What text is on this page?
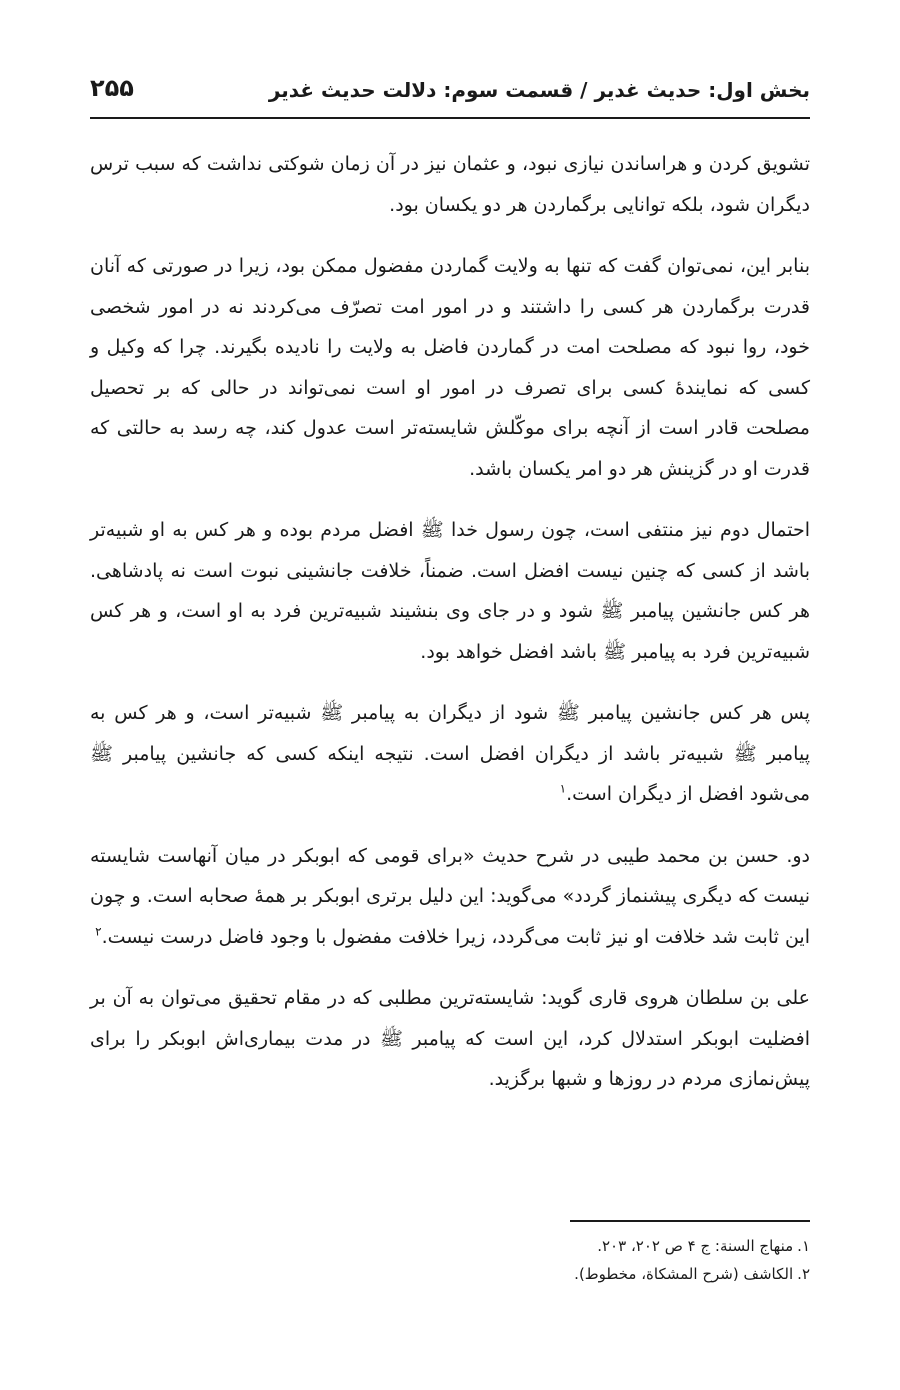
بخش اول: حدیث غدیر / قسمت سوم: دلالت حدیث غدیر
۲۵۵

تشویق کردن و هراساندن نیازی نبود، و عثمان نیز در آن زمان شوکتی نداشت که سبب ترس دیگران شود، بلکه توانایی برگماردن هر دو یکسان بود.

بنابر این، نمی‌توان گفت که تنها به ولایت گماردن مفضول ممکن بود، زیرا در صورتی که آنان قدرت برگماردن هر کسی را داشتند و در امور امت تصرّف می‌کردند نه در امور شخصی خود، روا نبود که مصلحت امت در گماردن فاضل به ولایت را نادیده بگیرند. چرا که وکیل و کسی که نمایندهٔ کسی برای تصرف در امور او است نمی‌تواند در حالی که بر تحصیل مصلحت قادر است از آنچه برای موکّلش شایسته‌تر است عدول کند، چه رسد به حالتی که قدرت او در گزینش هر دو امر یکسان باشد.

احتمال دوم نیز منتفی است، چون رسول خدا ﷺ افضل مردم بوده و هر کس به او شبیه‌تر باشد از کسی که چنین نیست افضل است. ضمناً، خلافت جانشینی نبوت است نه پادشاهی. هر کس جانشین پیامبر ﷺ شود و در جای وی بنشیند شبیه‌ترین فرد به او است، و هر کس شبیه‌ترین فرد به پیامبر ﷺ باشد افضل خواهد بود.

پس هر کس جانشین پیامبر ﷺ شود از دیگران به پیامبر ﷺ شبیه‌تر است، و هر کس به پیامبر ﷺ شبیه‌تر باشد از دیگران افضل است. نتیجه اینکه کسی که جانشین پیامبر ﷺ می‌شود افضل از دیگران است.$^۱$

دو. حسن بن محمد طیبی در شرح حدیث «برای قومی که ابوبکر در میان آنهاست شایسته نیست که دیگری پیشنماز گردد» می‌گوید: این دلیل برتری ابوبکر بر همهٔ صحابه است. و چون این ثابت شد خلافت او نیز ثابت می‌گردد، زیرا خلافت مفضول با وجود فاضل درست نیست.$^۲$

علی بن سلطان هروی قاری گوید: شایسته‌ترین مطلبی که در مقام تحقیق می‌توان به آن بر افضلیت ابوبکر استدلال کرد، این است که پیامبر ﷺ در مدت بیماری‌اش ابوبکر را برای پیش‌نمازی مردم در روزها و شبها برگزید.

۱.منهاج السنة: ج ۴ ص ۲۰۲، ۲۰۳.
۲.الکاشف (شرح المشکاة، مخطوط).
